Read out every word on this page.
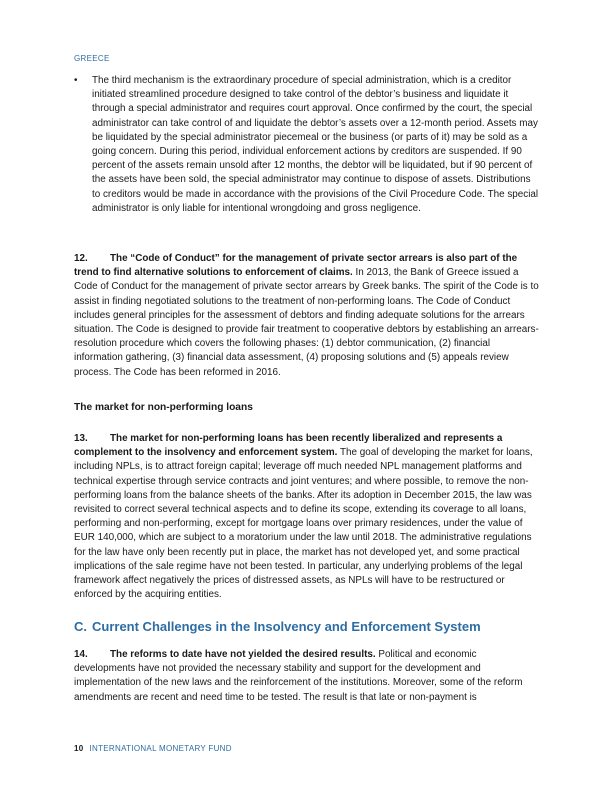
GREECE
• The third mechanism is the extraordinary procedure of special administration, which is a creditor initiated streamlined procedure designed to take control of the debtor’s business and liquidate it through a special administrator and requires court approval. Once confirmed by the court, the special administrator can take control of and liquidate the debtor’s assets over a 12-month period. Assets may be liquidated by the special administrator piecemeal or the business (or parts of it) may be sold as a going concern. During this period, individual enforcement actions by creditors are suspended. If 90 percent of the assets remain unsold after 12 months, the debtor will be liquidated, but if 90 percent of the assets have been sold, the special administrator may continue to dispose of assets. Distributions to creditors would be made in accordance with the provisions of the Civil Procedure Code. The special administrator is only liable for intentional wrongdoing and gross negligence.

12. The “Code of Conduct” for the management of private sector arrears is also part of the trend to find alternative solutions to enforcement of claims. In 2013, the Bank of Greece issued a Code of Conduct for the management of private sector arrears by Greek banks. The spirit of the Code is to assist in finding negotiated solutions to the treatment of non-performing loans. The Code of Conduct includes general principles for the assessment of debtors and finding adequate solutions for the arrears situation. The Code is designed to provide fair treatment to cooperative debtors by establishing an arrears-resolution procedure which covers the following phases: (1) debtor communication, (2) financial information gathering, (3) financial data assessment, (4) proposing solutions and (5) appeals review process. The Code has been reformed in 2016.

The market for non-performing loans

13. The market for non-performing loans has been recently liberalized and represents a complement to the insolvency and enforcement system. The goal of developing the market for loans, including NPLs, is to attract foreign capital; leverage off much needed NPL management platforms and technical expertise through service contracts and joint ventures; and where possible, to remove the non-performing loans from the balance sheets of the banks. After its adoption in December 2015, the law was revisited to correct several technical aspects and to define its scope, extending its coverage to all loans, performing and non-performing, except for mortgage loans over primary residences, under the value of EUR 140,000, which are subject to a moratorium under the law until 2018. The administrative regulations for the law have only been recently put in place, the market has not developed yet, and some practical implications of the sale regime have not been tested. In particular, any underlying problems of the legal framework affect negatively the prices of distressed assets, as NPLs will have to be restructured or enforced by the acquiring entities.

C. Current Challenges in the Insolvency and Enforcement System

14. The reforms to date have not yielded the desired results. Political and economic developments have not provided the necessary stability and support for the development and implementation of the new laws and the reinforcement of the institutions. Moreover, some of the reform amendments are recent and need time to be tested. The result is that late or non-payment is

10 INTERNATIONAL MONETARY FUND
